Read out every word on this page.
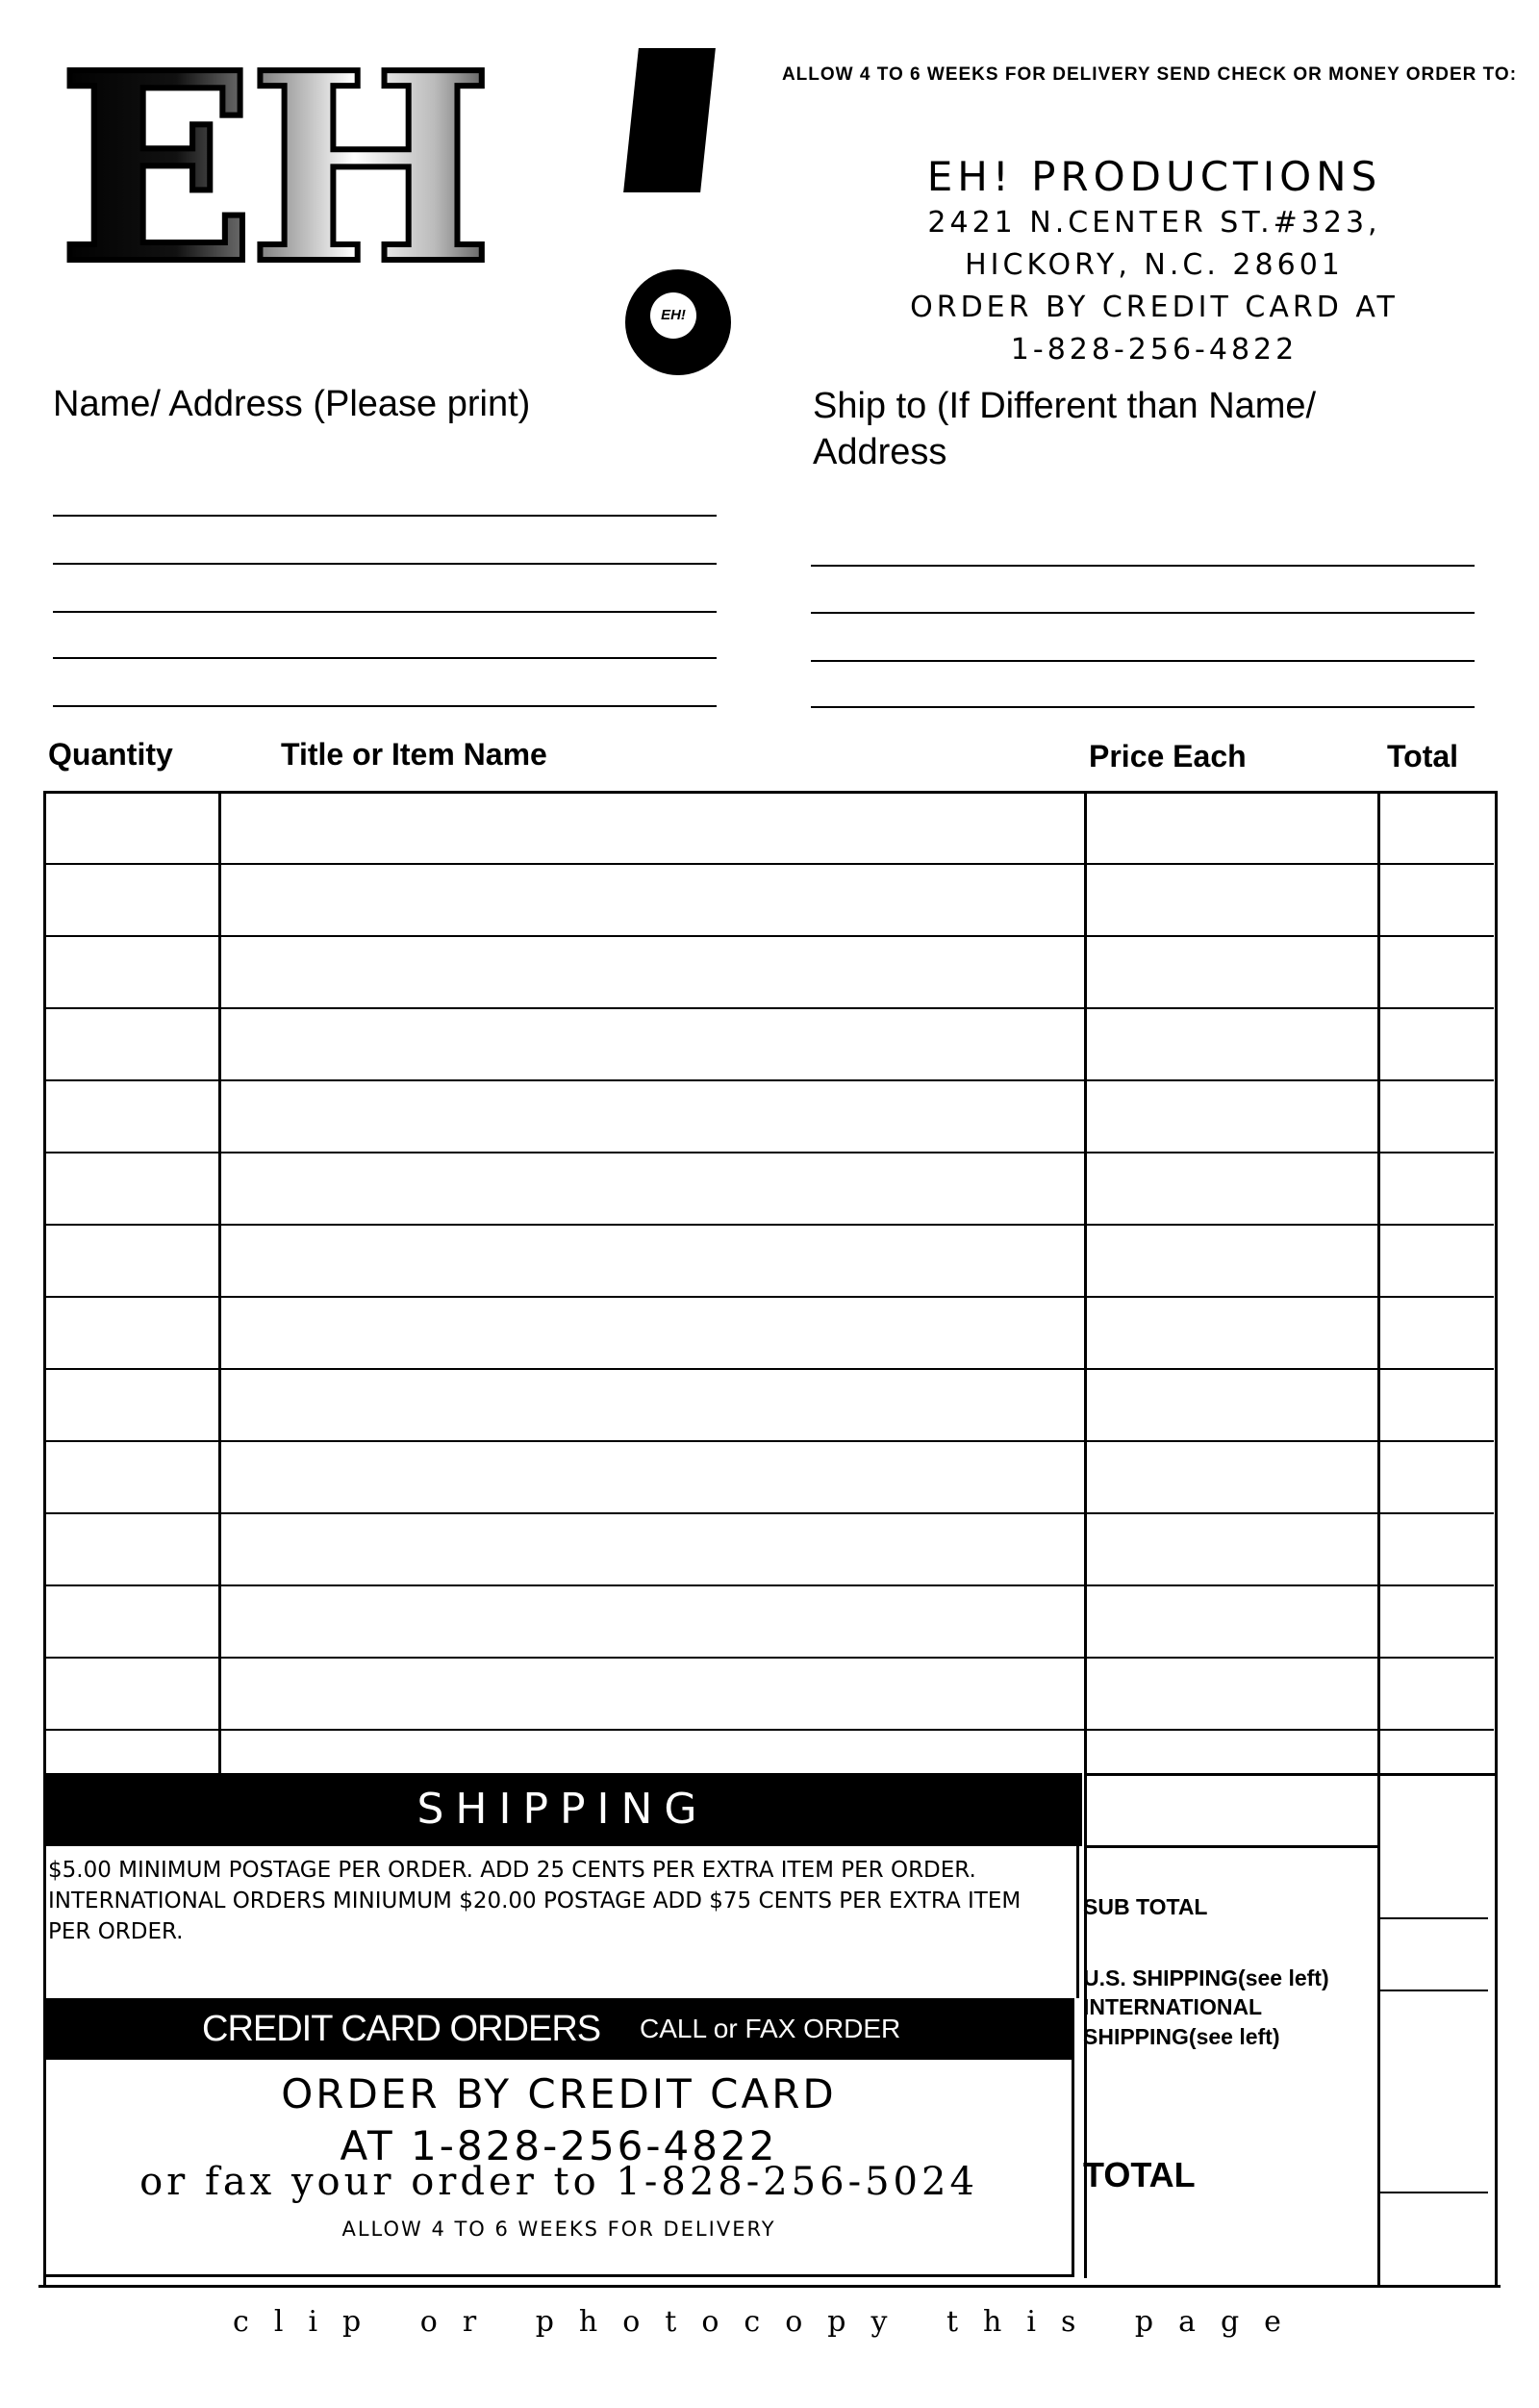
EH	EH!
ALLOW 4 TO 6 WEEKS FOR DELIVERY SEND CHECK OR MONEY ORDER TO:
EH! PRODUCTIONS
2421 N.CENTER ST.#323,
HICKORY, N.C. 28601
ORDER BY CREDIT CARD AT
1-828-256-4822
Name/ Address (Please print)	Ship to (If Different than Name/ Address
Quantity	Title or Item Name	Price Each	Total
SHIPPING
$5.00 MINIMUM POSTAGE PER ORDER. ADD 25 CENTS PER EXTRA ITEM PER ORDER.
INTERNATIONAL ORDERS MINIUMUM $20.00 POSTAGE ADD $75 CENTS PER EXTRA ITEM PER ORDER.
CREDIT CARD ORDERS CALL or FAX ORDER
ORDER BY CREDIT CARD
AT 1-828-256-4822
or fax your order to 1-828-256-5024
ALLOW 4 TO 6 WEEKS FOR DELIVERY
SUB TOTAL
U.S. SHIPPING(see left)
INTERNATIONAL
SHIPPING(see left)
TOTAL
clip or photocopy this page
